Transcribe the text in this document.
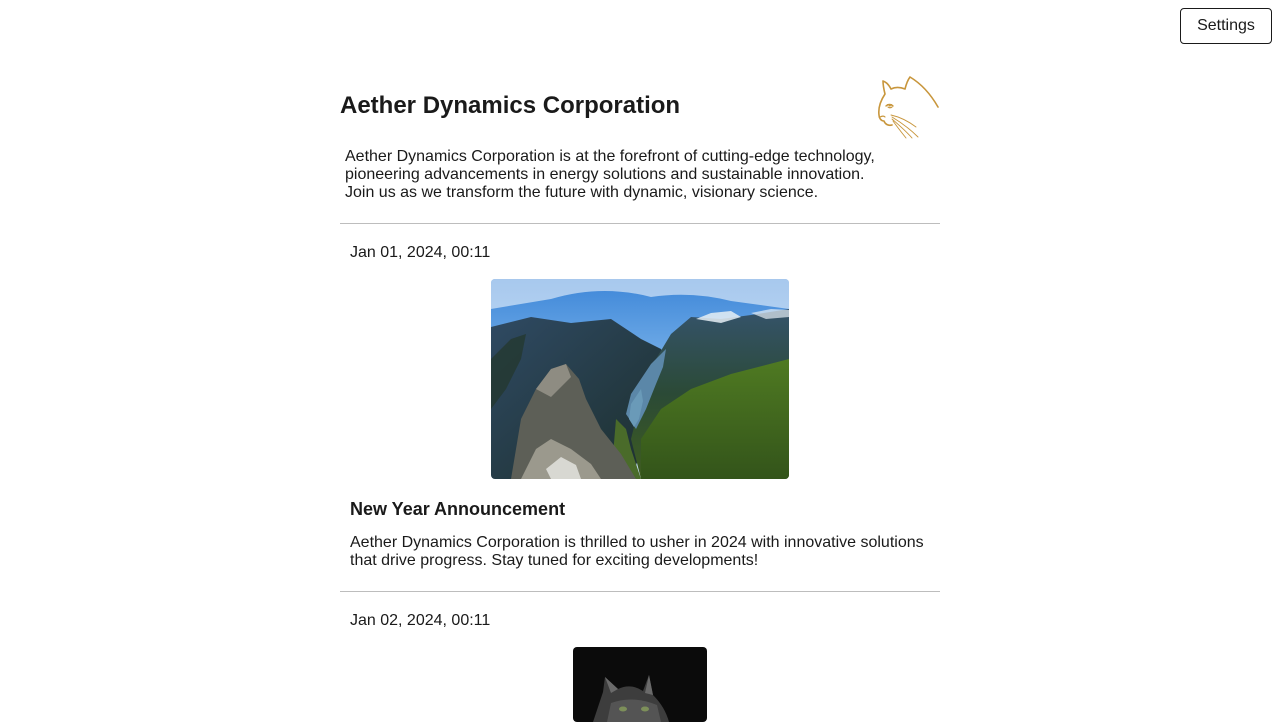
Settings
Aether Dynamics Corporation
Aether Dynamics Corporation is at the forefront of cutting-edge technology,
pioneering advancements in energy solutions and sustainable innovation.
Join us as we transform the future with dynamic, visionary science.

Jan 01, 2024, 00:11

New Year Announcement
Aether Dynamics Corporation is thrilled to usher in 2024 with innovative solutions
that drive progress. Stay tuned for exciting developments!

Jan 02, 2024, 00:11
